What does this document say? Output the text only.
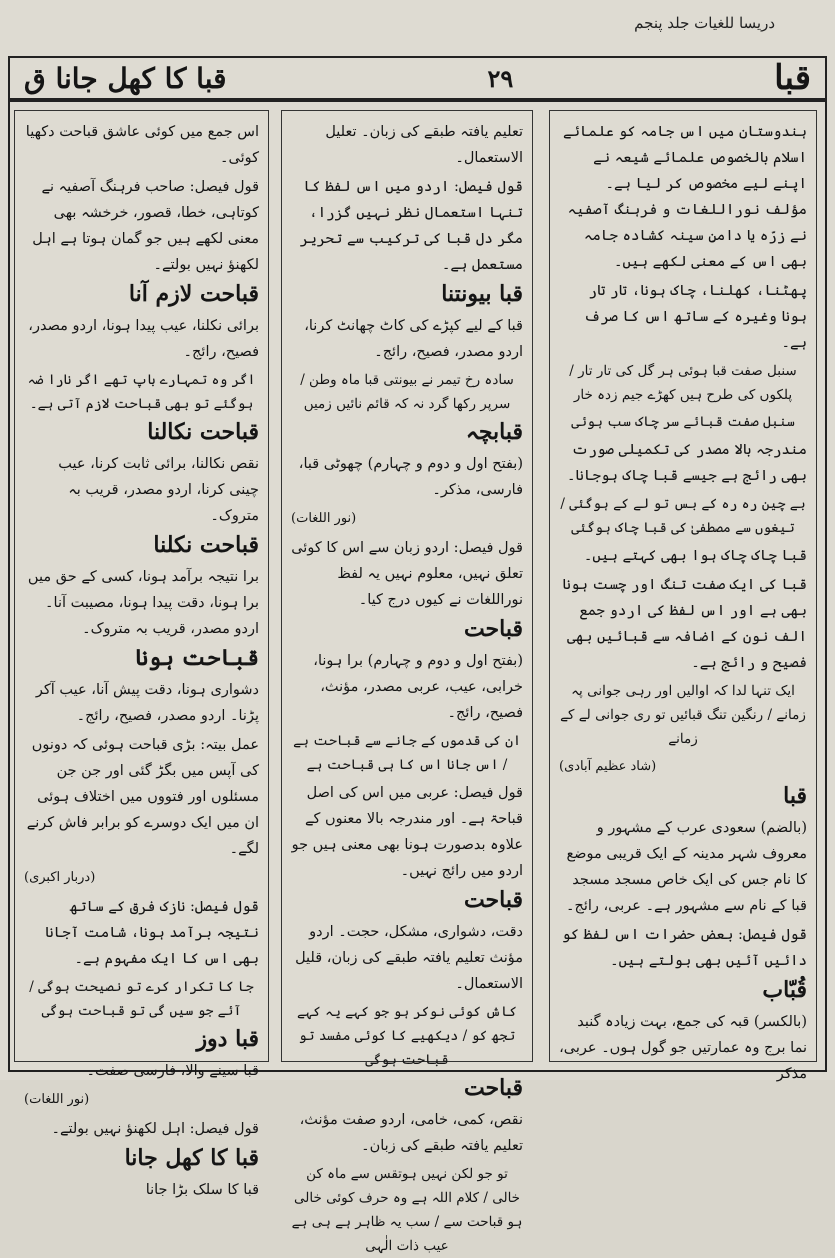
دریسا للغیات جلد پنجم
قبا
۲۹
قبا کا کھل جانا ق

ہندوستان میں اس جامہ کو علمائے اسلام بالخصوص علمائے شیعہ نے اپنے لیے مخصوص کر لیا ہے۔ مؤلف نوراللغات و فرہنگ آصفیہ نے زرّہ یا دامنِ سینہ کشادہ جامہ بھی اس کے معنی لکھے ہیں۔

پھٹنا، کھلنا، چاک ہونا، تار تار ہونا وغیرہ کے ساتھ اس کا صرف ہے۔

سنبل صفت قبا ہوئی ہر گل کی تار تار / پلکوں کی طرح ہیں کھڑے جیم زدہ خار

سنبل صفت قبائے سر چاک سب ہوئی

مندرجہ بالا مصدر کی تکمیلی صورت بھی رائج ہے جیسے قبا چاک ہوجانا۔

بے چین رہ رہ کے بس تو لے کے ہوگئی / تیغوں سے مصطفیٰ کی قبا چاک ہوگئی

قبا چاک چاک ہوا بھی کہتے ہیں۔

قبا کی ایک صفت تنگ اور چست ہونا بھی ہے اور اس لفظ کی اردو جمع الف نون کے اضافہ سے قبائیں بھی فصیح و رائج ہے۔

ایک تنہا لدا کہ اوالیں اور رہی جوانی پہ زمانے / رنگین تنگ قبائیں تو ری جوانی لے کے زمانے

(شاد عظیم آبادی)

قبا

(بالضم) سعودی عرب کے مشہور و معروف شہر مدینہ کے ایک قریبی موضع کا نام جس کی ایک خاص مسجد مسجد قبا کے نام سے مشہور ہے۔ عربی، رائج۔

قول فیصل: بعض حضرات اس لفظ کو دائیں آئیں بھی بولتے ہیں۔

قُبّاب

(بالکسر) قبہ کی جمع، بہت زیادہ گنبد نما برج وہ عمارتیں جو گول ہوں۔ عربی، مذکر

تعلیم یافتہ طبقے کی زبان۔ تعلیل الاستعمال۔

قول فیصل: اردو میں اس لفظ کا تنہا استعمال نظر نہیں گزرا، مگر دل قبا کی ترکیب سے تحریر مستعمل ہے۔

قبا بیونتنا

قبا کے لیے کپڑے کی کاٹ چھانٹ کرنا، اردو مصدر، فصیح، رائج۔

سادہ رخ تیمر نے بیونتی قبا ماہ وطن / سرپر رکھا گرد نہ کہ قائم نائیں زمیں

قبابچہ

(بفتح اول و دوم و چہارم) چھوٹی قبا، فارسی، مذکر۔

(نور اللغات)

قول فیصل: اردو زبان سے اس کا کوئی تعلق نہیں، معلوم نہیں یہ لفظ نوراللغات نے کیوں درج کیا۔

قباحت

(بفتح اول و دوم و چہارم) برا ہونا، خرابی، عیب، عربی مصدر، مؤنث، فصیح، رائج۔

ان کی قدموں کے جانے سے قباحت ہے / اس جانا اس کا ہی قباحت ہے

قول فیصل: عربی میں اس کی اصل قباحۃ ہے۔ اور مندرجہ بالا معنوں کے علاوہ بدصورت ہونا بھی معنی ہیں جو اردو میں رائج نہیں۔

قباحت

دقت، دشواری، مشکل، حجت۔ اردو مؤنث تعلیم یافتہ طبقے کی زبان، قلیل الاستعمال۔

کاش کوئی نوکر ہو جو کہے یہ کہے تجھ کو / دیکھیے کا کوئی مفسد تو قباحت ہوگی

قباحت

نقص، کمی، خامی، اردو صفت مؤنث، تعلیم یافتہ طبقے کی زبان۔

تو جو لکن نہیں ہوتقس سے ماہ کن خالی / کلام اللہ ہے وہ حرف کوئی خالی ہو قباحت سے / سب یہ ظاہر ہے ہی ہے عیب ذات الٰہی

اس جمع میں کوئی عاشق قباحت دکھیا کوئی۔

قول فیصل: صاحب فرہنگ آصفیہ نے کوتاہی، خطا، قصور، خرخشہ بھی معنی لکھے ہیں جو گمان ہوتا ہے اہل لکھنؤ نہیں بولتے۔

قباحت لازم آنا

برائی نکلنا، عیب پیدا ہونا، اردو مصدر، فصیح، رائج۔

اگر وہ تمہارے باپ تھے اگر نارا ضہ ہوگئے تو بھی قباحت لازم آتی ہے۔

قباحت نکالنا

نقص نکالنا، برائی ثابت کرنا، عیب چینی کرنا، اردو مصدر، قریب بہ متروک۔

قباحت نکلنا

برا نتیجہ برآمد ہونا، کسی کے حق میں برا ہونا، دقت پیدا ہونا، مصیبت آنا۔ اردو مصدر، قریب بہ متروک۔

قباحت ہونا

دشواری ہونا، دقت پیش آنا، عیب آکر پڑنا۔ اردو مصدر، فصیح، رائج۔

عمل بیتہ: بڑی قباحت ہوئی کہ دونوں کی آپس میں بگڑ گئی اور جن جن مسئلوں اور فتووں میں اختلاف ہوئی ان میں ایک دوسرے کو برابر فاش کرنے لگے۔

(دربار اکبری)

قول فیصل: نازک فرق کے ساتھ نتیجہ برآمد ہونا، شامت آجانا بھی اس کا ایک مفہوم ہے۔

جا کا تکرار کرے تو نصیحت ہوگی / آئے جو سیں گی تو قباحت ہوگی

قبا دوز

قبا سینے والا، فارسی صفت۔

(نور اللغات)

قول فیصل: اہل لکھنؤ نہیں بولتے۔

قبا کا کھل جانا

قبا کا سلک بڑا جانا
